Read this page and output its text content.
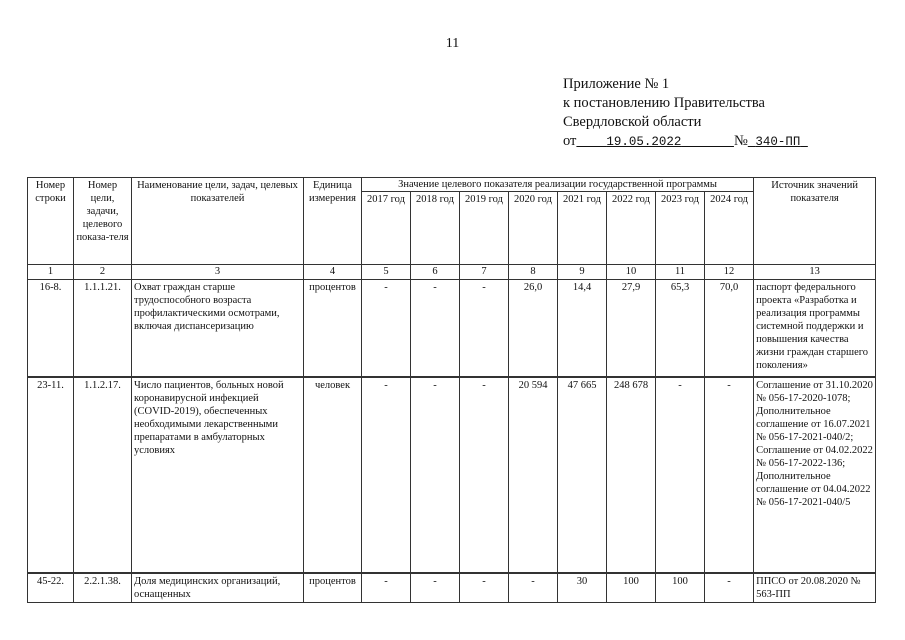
11
Приложение № 1
к постановлению Правительства
Свердловской области
от 19.05.2022	№ 340-ПП
Номер строки	Номер цели, задачи, целевого показа-теля	Наименование цели, задач, целевых показателей	Единица измерения	Значение целевого показателя реализации государственной программы								Источник значений показателя
				2017 год	2018 год	2019 год	2020 год	2021 год	2022 год	2023 год	2024 год	
1	2	3	4	5	6	7	8	9	10	11	12	13
16-8.	1.1.1.21.	Охват граждан старше трудоспособного возраста профилактическими осмотрами, включая диспансеризацию	процентов	-	-	-	26,0	14,4	27,9	65,3	70,0	паспорт федерального проекта «Разработка и реализация программы системной поддержки и повышения качества жизни граждан старшего поколения»
23-11.	1.1.2.17.	Число пациентов, больных новой коронавирусной инфекцией (COVID-2019), обеспеченных необходимыми лекарственными препаратами в амбулаторных условиях	человек	-	-	-	20 594	47 665	248 678	-	-	Соглашение от 31.10.2020 № 056-17-2020-1078; Дополнительное соглашение от 16.07.2021 № 056-17-2021-040/2; Соглашение от 04.02.2022 № 056-17-2022-136; Дополнительное соглашение от 04.04.2022 № 056-17-2021-040/5
45-22.	2.2.1.38.	Доля медицинских организаций, оснащенных	процентов	-	-	-	-	30	100	100	-	ППСО от 20.08.2020 № 563-ПП
